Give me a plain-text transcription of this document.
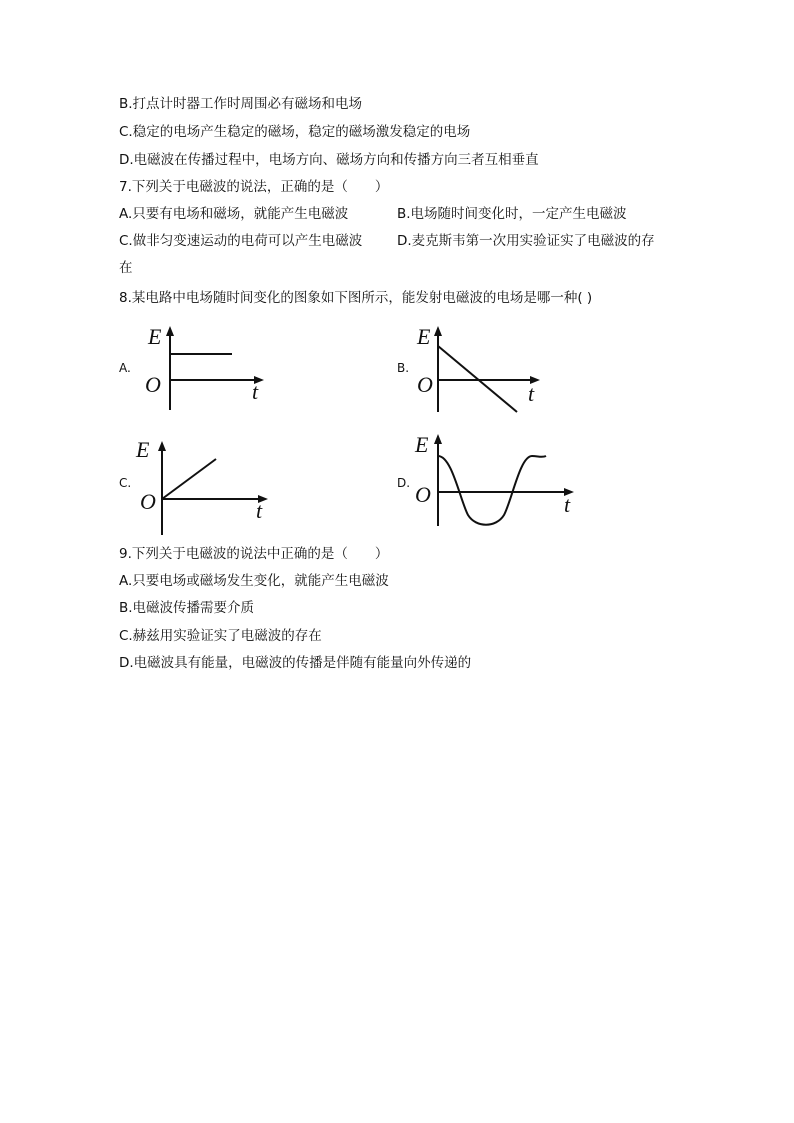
B.打点计时器工作时周围必有磁场和电场
C.稳定的电场产生稳定的磁场，稳定的磁场激发稳定的电场
D.电磁波在传播过程中，电场方向、磁场方向和传播方向三者互相垂直
7.下列关于电磁波的说法，正确的是（　　）
A.只要有电场和磁场，就能产生电磁波	B.电场随时间变化时，一定产生电磁波
C.做非匀变速运动的电荷可以产生电磁波	D.麦克斯韦第一次用实验证实了电磁波的存
在
8.某电路中电场随时间变化的图象如下图所示，能发射电磁波的电场是哪一种( )
A.
E
O	t
B.
E
O	t
C.
E
O	t
D.
E
O	t
9.下列关于电磁波的说法中正确的是（　　）
A.只要电场或磁场发生变化，就能产生电磁波
B.电磁波传播需要介质
C.赫兹用实验证实了电磁波的存在
D.电磁波具有能量，电磁波的传播是伴随有能量向外传递的
